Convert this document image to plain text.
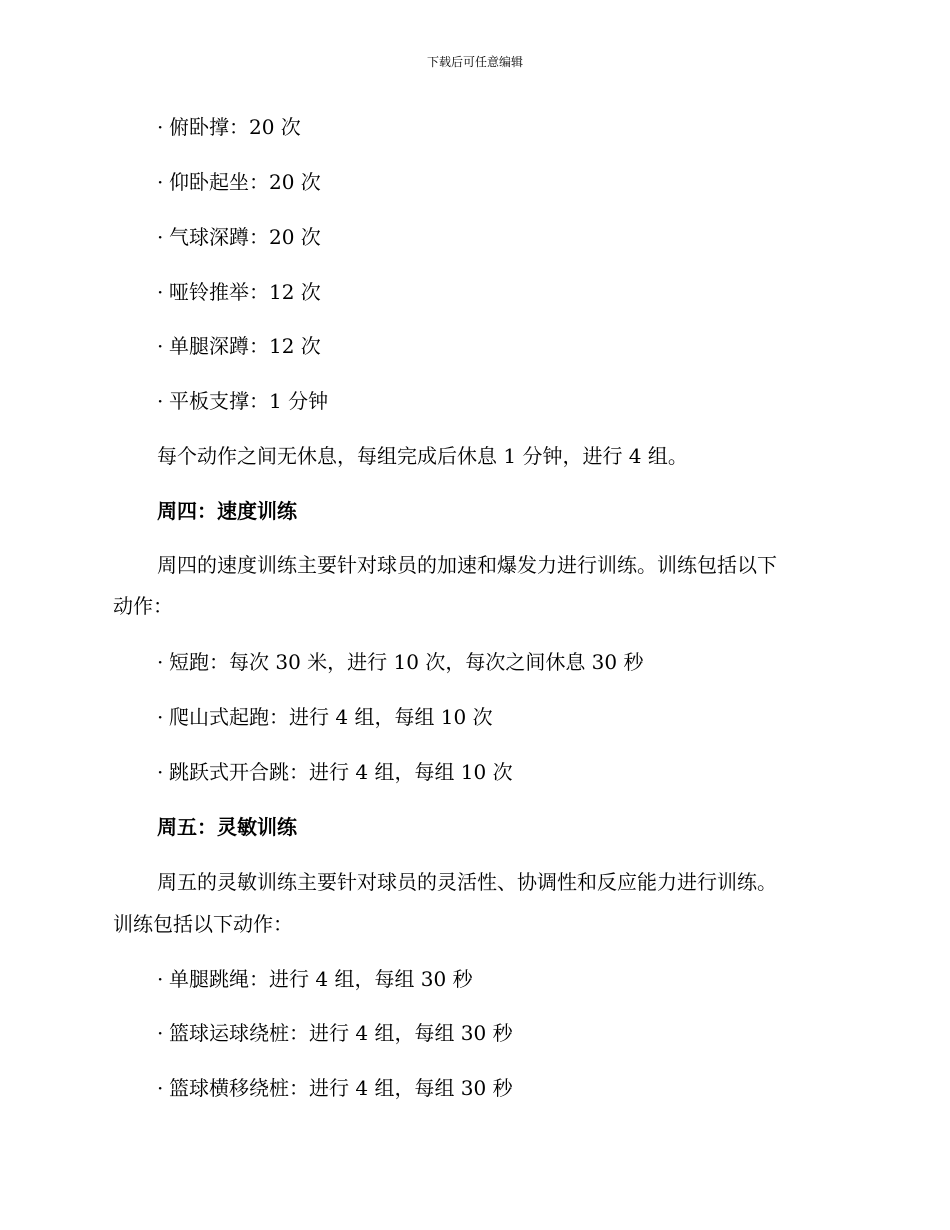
下载后可任意编辑
· 俯卧撑：20 次
· 仰卧起坐：20 次
· 气球深蹲：20 次
· 哑铃推举：12 次
· 单腿深蹲：12 次
· 平板支撑：1 分钟
每个动作之间无休息，每组完成后休息 1 分钟，进行 4 组。
周四：速度训练
周四的速度训练主要针对球员的加速和爆发力进行训练。训练包括以下
动作：
· 短跑：每次 30 米，进行 10 次，每次之间休息 30 秒
· 爬山式起跑：进行 4 组，每组 10 次
· 跳跃式开合跳：进行 4 组，每组 10 次
周五：灵敏训练
周五的灵敏训练主要针对球员的灵活性、协调性和反应能力进行训练。
训练包括以下动作：
· 单腿跳绳：进行 4 组，每组 30 秒
· 篮球运球绕桩：进行 4 组，每组 30 秒
· 篮球横移绕桩：进行 4 组，每组 30 秒
